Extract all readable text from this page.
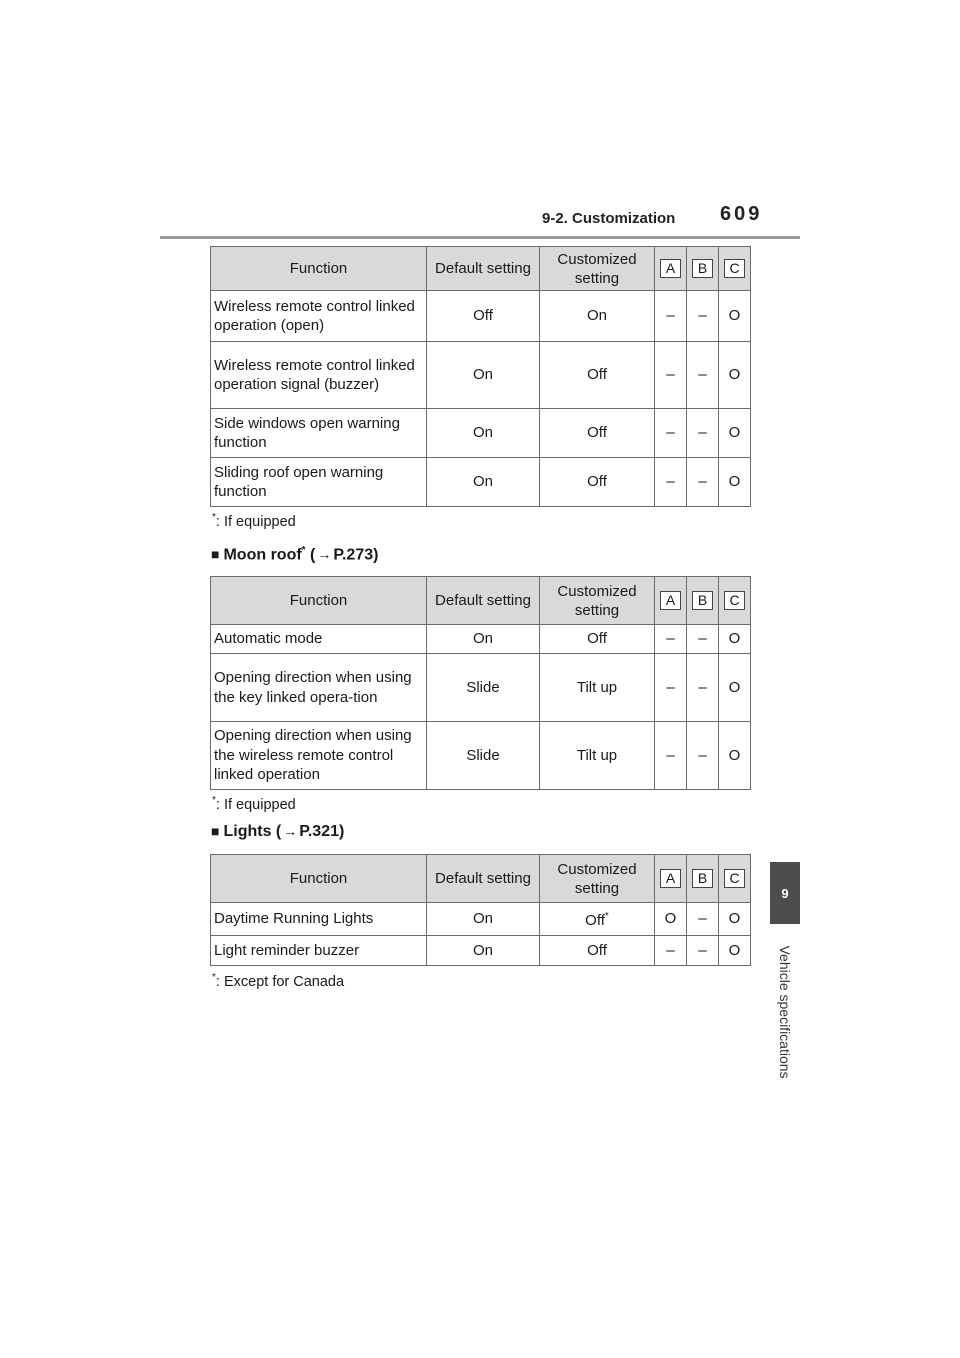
9-2. Customization 609
9
Vehicle specifications
Function	Default setting	Customized setting	A	B	C
Wireless remote control linked operation (open)	Off	On	–	–	O
Wireless remote control linked operation signal (buzzer)	On	Off	–	–	O
Side windows open warning function	On	Off	–	–	O
Sliding roof open warning function	On	Off	–	–	O
*: If equipped
■ Moon roof* ( → P.273)
Function	Default setting	Customized setting	A	B	C
Automatic mode	On	Off	–	–	O
Opening direction when using the key linked opera-tion	Slide	Tilt up	–	–	O
Opening direction when using the wireless remote control linked operation	Slide	Tilt up	–	–	O
*: If equipped
■ Lights ( → P.321)
Function	Default setting	Customized setting	A	B	C
Daytime Running Lights	On	Off*	O	–	O
Light reminder buzzer	On	Off	–	–	O
*: Except for Canada
